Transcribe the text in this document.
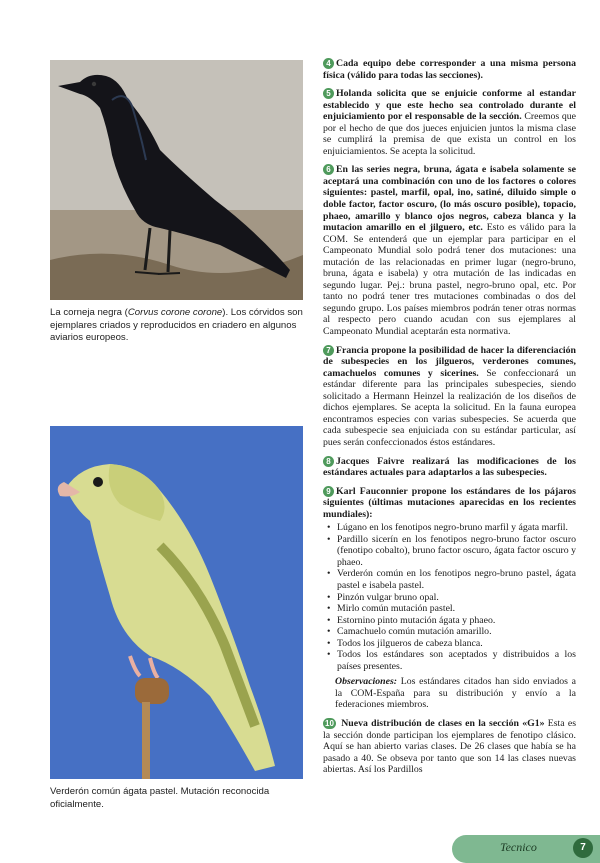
La corneja negra (Corvus corone corone). Los córvidos son ejemplares criados y reproducidos en criadero en algunos aviarios europeos.
Verderón común ágata pastel. Mutación reconocida oficialmente.
4 Cada equipo debe corresponder a una misma persona física (válido para todas las secciones).
5 Holanda solicita que se enjuicie conforme al estandar establecido y que este hecho sea controlado durante el enjuiciamiento por el responsable de la sección. Creemos que por el hecho de que dos jueces enjuicien juntos la misma clase se cumplirá la premisa de que exista un control en los enjuiciamientos. Se acepta la solicitud.
6 En las series negra, bruna, ágata e isabela solamente se aceptará una combinación con uno de los factores o colores siguientes: pastel, marfil, opal, ino, satiné, diluido simple o doble factor, factor oscuro, (lo más oscuro posible), topacio, phaeo, amarillo y blanco ojos negros, cabeza blanca y la mutacion amarillo en el jilguero, etc. Esto es válido para la COM. Se entenderá que un ejemplar para participar en el Campeonato Mundial solo podrá tener dos mutaciones: una mutación de las relacionadas en primer lugar (negro-bruno, bruna, ágata e isabela) y otra mutación de las indicadas en segundo lugar. Pej.: bruna pastel, negro-bruno opal, etc. Por tanto no podrá tener tres mutaciones combinadas o dos del segundo grupo. Los países miembros podrán tener otras normas al respecto pero cuando acudan con sus ejemplares al Campeonato Mundial aceptarán esta normativa.
7 Francia propone la posibilidad de hacer la diferenciación de subespecies en los jilgueros, verderones comunes, camachuelos comunes y sicerines. Se confeccionará un estándar diferente para las principales subespecies, siendo solicitado a Hermann Heinzel la realización de los diseños de dichos ejemplares. Se acepta la solicitud. En la fauna europea encontramos especies con varias subespecies. Se acuerda que cada subespecie sea enjuiciada con su estándar particular, así pues serán confeccionados éstos estándares.
8 Jacques Faivre realizará las modificaciones de los estándares actuales para adaptarlos a las subespecies.
9 Karl Fauconnier propone los estándares de los pájaros siguientes (últimas mutaciones aparecidas en los recientes mundiales):
• Lúgano en los fenotipos negro-bruno marfil y ágata marfil.
• Pardillo sicerín en los fenotipos negro-bruno factor oscuro (fenotipo cobalto), bruno factor oscuro, ágata factor oscuro y phaeo.
• Verderón común en los fenotipos negro-bruno pastel, ágata pastel e isabela pastel.
• Pinzón vulgar bruno opal.
• Mirlo común mutación pastel.
• Estornino pinto mutación ágata y phaeo.
• Camachuelo común mutación amarillo.
• Todos los jilgueros de cabeza blanca.
• Todos los estándares son aceptados y distribuidos a los países presentes.
Observaciones: Los estándares citados han sido enviados a la COM-España para su distribución y envío a la federaciones miembros.
10 Nueva distribución de clases en la sección «G1» Esta es la sección donde participan los ejemplares de fenotipo clásico. Aquí se han abierto varias clases. De 26 clases que había se ha pasado a 40. Se obseva por tanto que son 14 las clases nuevas abiertas. Así los Pardillos
Tecnico	7
